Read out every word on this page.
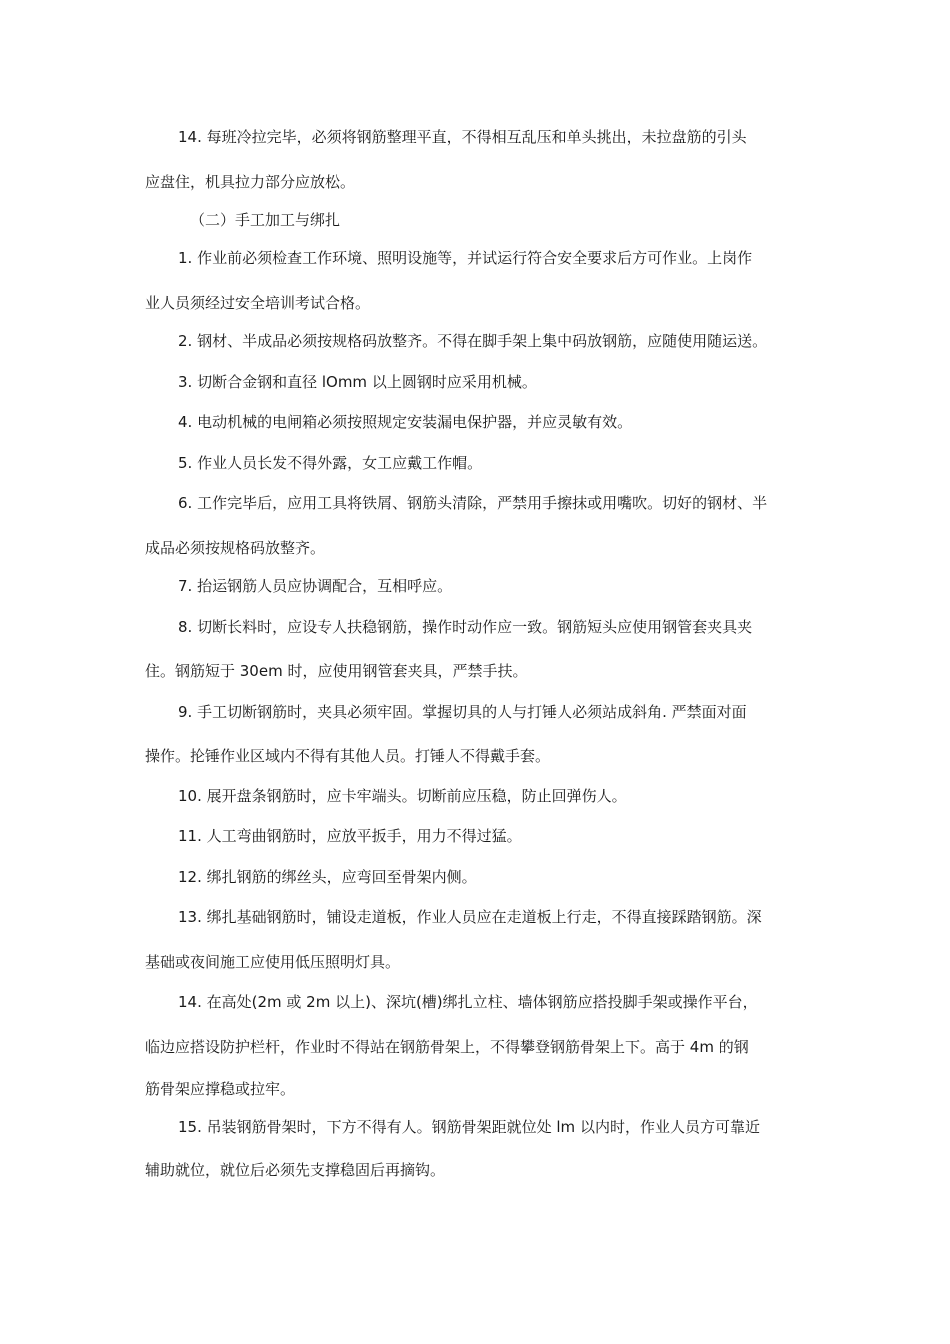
14. 每班冷拉完毕，必须将钢筋整理平直，不得相互乱压和单头挑出，未拉盘筋的引头
应盘住，机具拉力部分应放松。
（二）手工加工与绑扎
1. 作业前必须检查工作环境、照明设施等，并试运行符合安全要求后方可作业。上岗作
业人员须经过安全培训考试合格。
2. 钢材、半成品必须按规格码放整齐。不得在脚手架上集中码放钢筋，应随使用随运送。
3. 切断合金钢和直径 lOmm 以上圆钢时应采用机械。
4. 电动机械的电闸箱必须按照规定安装漏电保护器，并应灵敏有效。
5. 作业人员长发不得外露，女工应戴工作帽。
6. 工作完毕后，应用工具将铁屑、钢筋头清除，严禁用手擦抹或用嘴吹。切好的钢材、半
成品必须按规格码放整齐。
7. 抬运钢筋人员应协调配合，互相呼应。
8. 切断长料时，应设专人扶稳钢筋，操作时动作应一致。钢筋短头应使用钢管套夹具夹
住。钢筋短于 30em 时，应使用钢管套夹具，严禁手扶。
9. 手工切断钢筋时，夹具必须牢固。掌握切具的人与打锤人必须站成斜角. 严禁面对面
操作。抡锤作业区域内不得有其他人员。打锤人不得戴手套。
10. 展开盘条钢筋时，应卡牢端头。切断前应压稳，防止回弹伤人。
11. 人工弯曲钢筋时，应放平扳手，用力不得过猛。
12. 绑扎钢筋的绑丝头，应弯回至骨架内侧。
13. 绑扎基础钢筋时，铺设走道板，作业人员应在走道板上行走，不得直接踩踏钢筋。深
基础或夜间施工应使用低压照明灯具。
14. 在高处(2m 或 2m 以上)、深坑(槽)绑扎立柱、墙体钢筋应搭投脚手架或操作平台，
临边应搭设防护栏杆，作业时不得站在钢筋骨架上，不得攀登钢筋骨架上下。高于 4m 的钢
筋骨架应撑稳或拉牢。
15. 吊装钢筋骨架时，下方不得有人。钢筋骨架距就位处 lm 以内时，作业人员方可靠近
辅助就位，就位后必须先支撑稳固后再摘钩。
